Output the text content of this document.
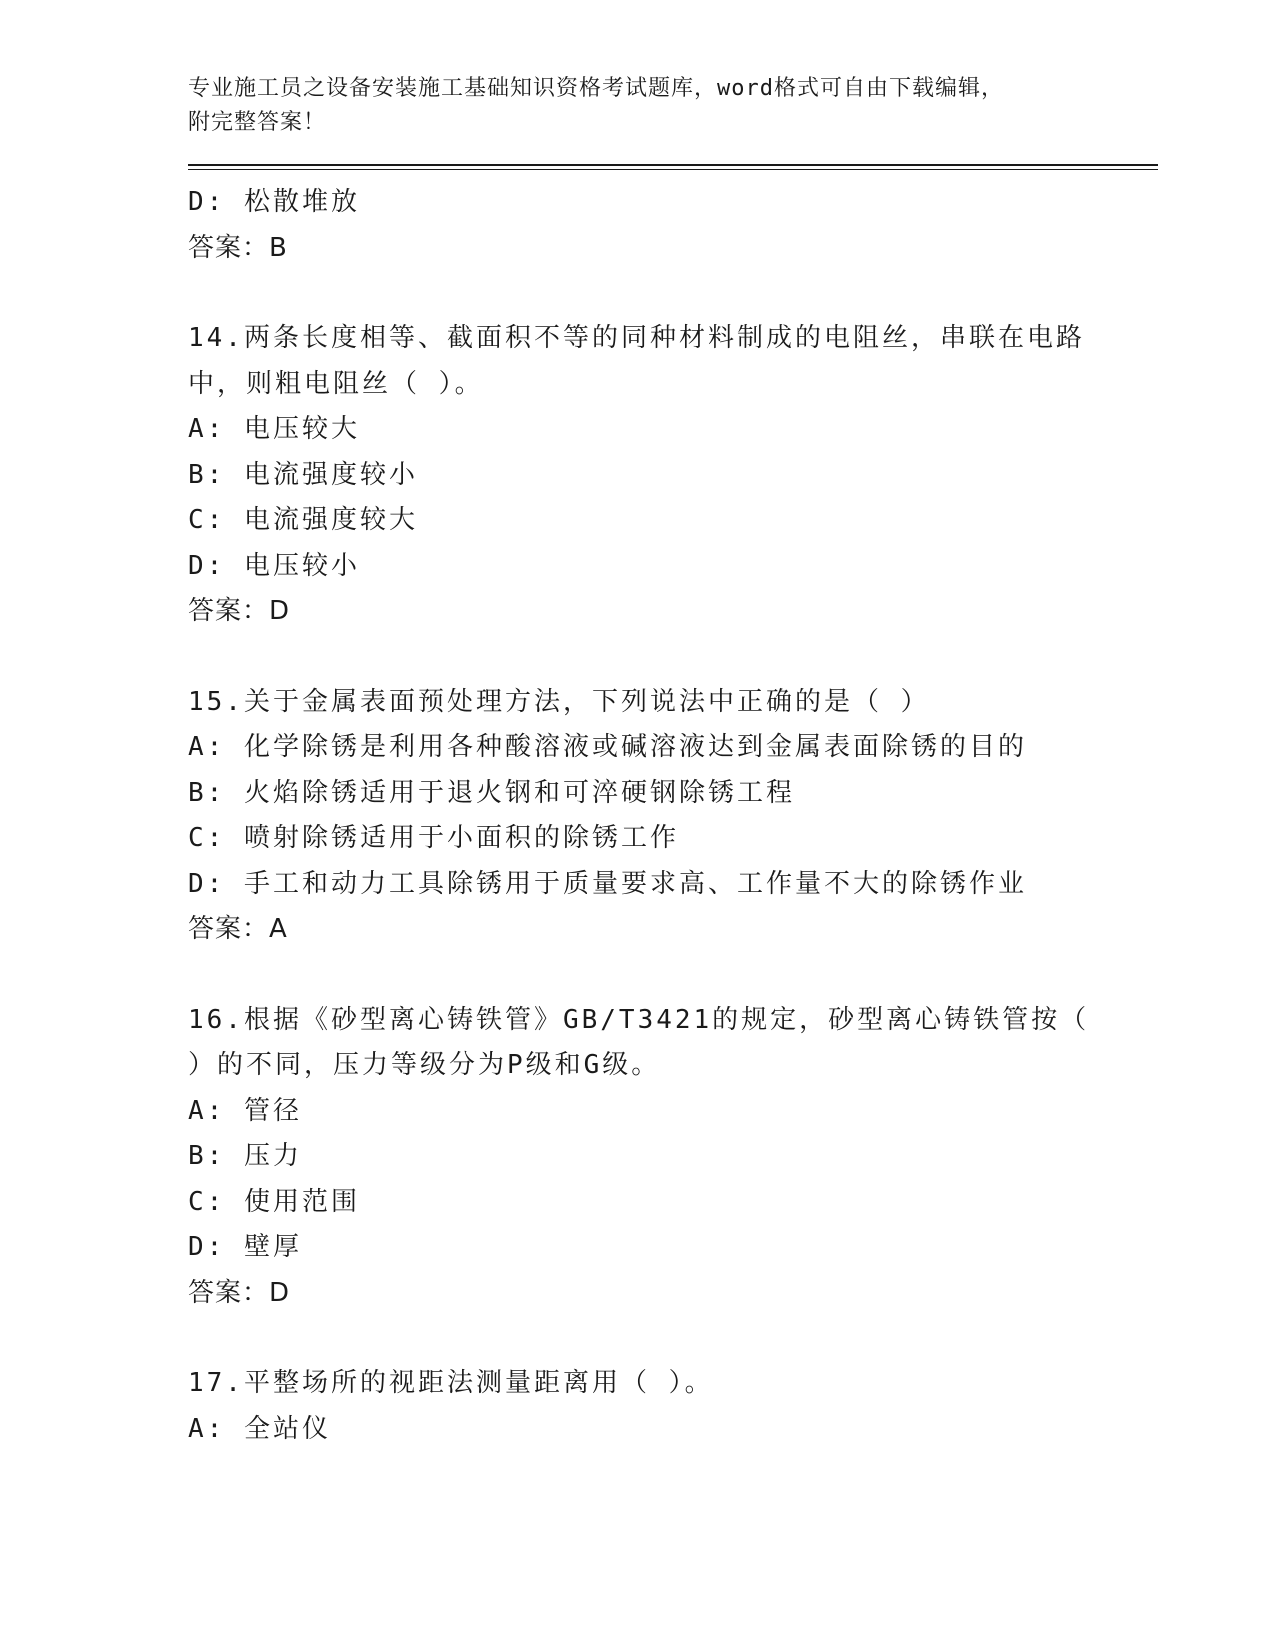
专业施工员之设备安装施工基础知识资格考试题库，word格式可自由下载编辑，

附完整答案！

D: 松散堆放

答案：B

14.两条长度相等、截面积不等的同种材料制成的电阻丝，串联在电路

中，则粗电阻丝（ ）。

A: 电压较大

B: 电流强度较小

C: 电流强度较大

D: 电压较小

答案：D

15.关于金属表面预处理方法，下列说法中正确的是（ ）

A: 化学除锈是利用各种酸溶液或碱溶液达到金属表面除锈的目的

B: 火焰除锈适用于退火钢和可淬硬钢除锈工程

C: 喷射除锈适用于小面积的除锈工作

D: 手工和动力工具除锈用于质量要求高、工作量不大的除锈作业

答案：A

16.根据《砂型离心铸铁管》GB/T3421的规定，砂型离心铸铁管按（

）的不同，压力等级分为P级和G级。

A: 管径

B: 压力

C: 使用范围

D: 壁厚

答案：D

17.平整场所的视距法测量距离用（ ）。

A: 全站仪
